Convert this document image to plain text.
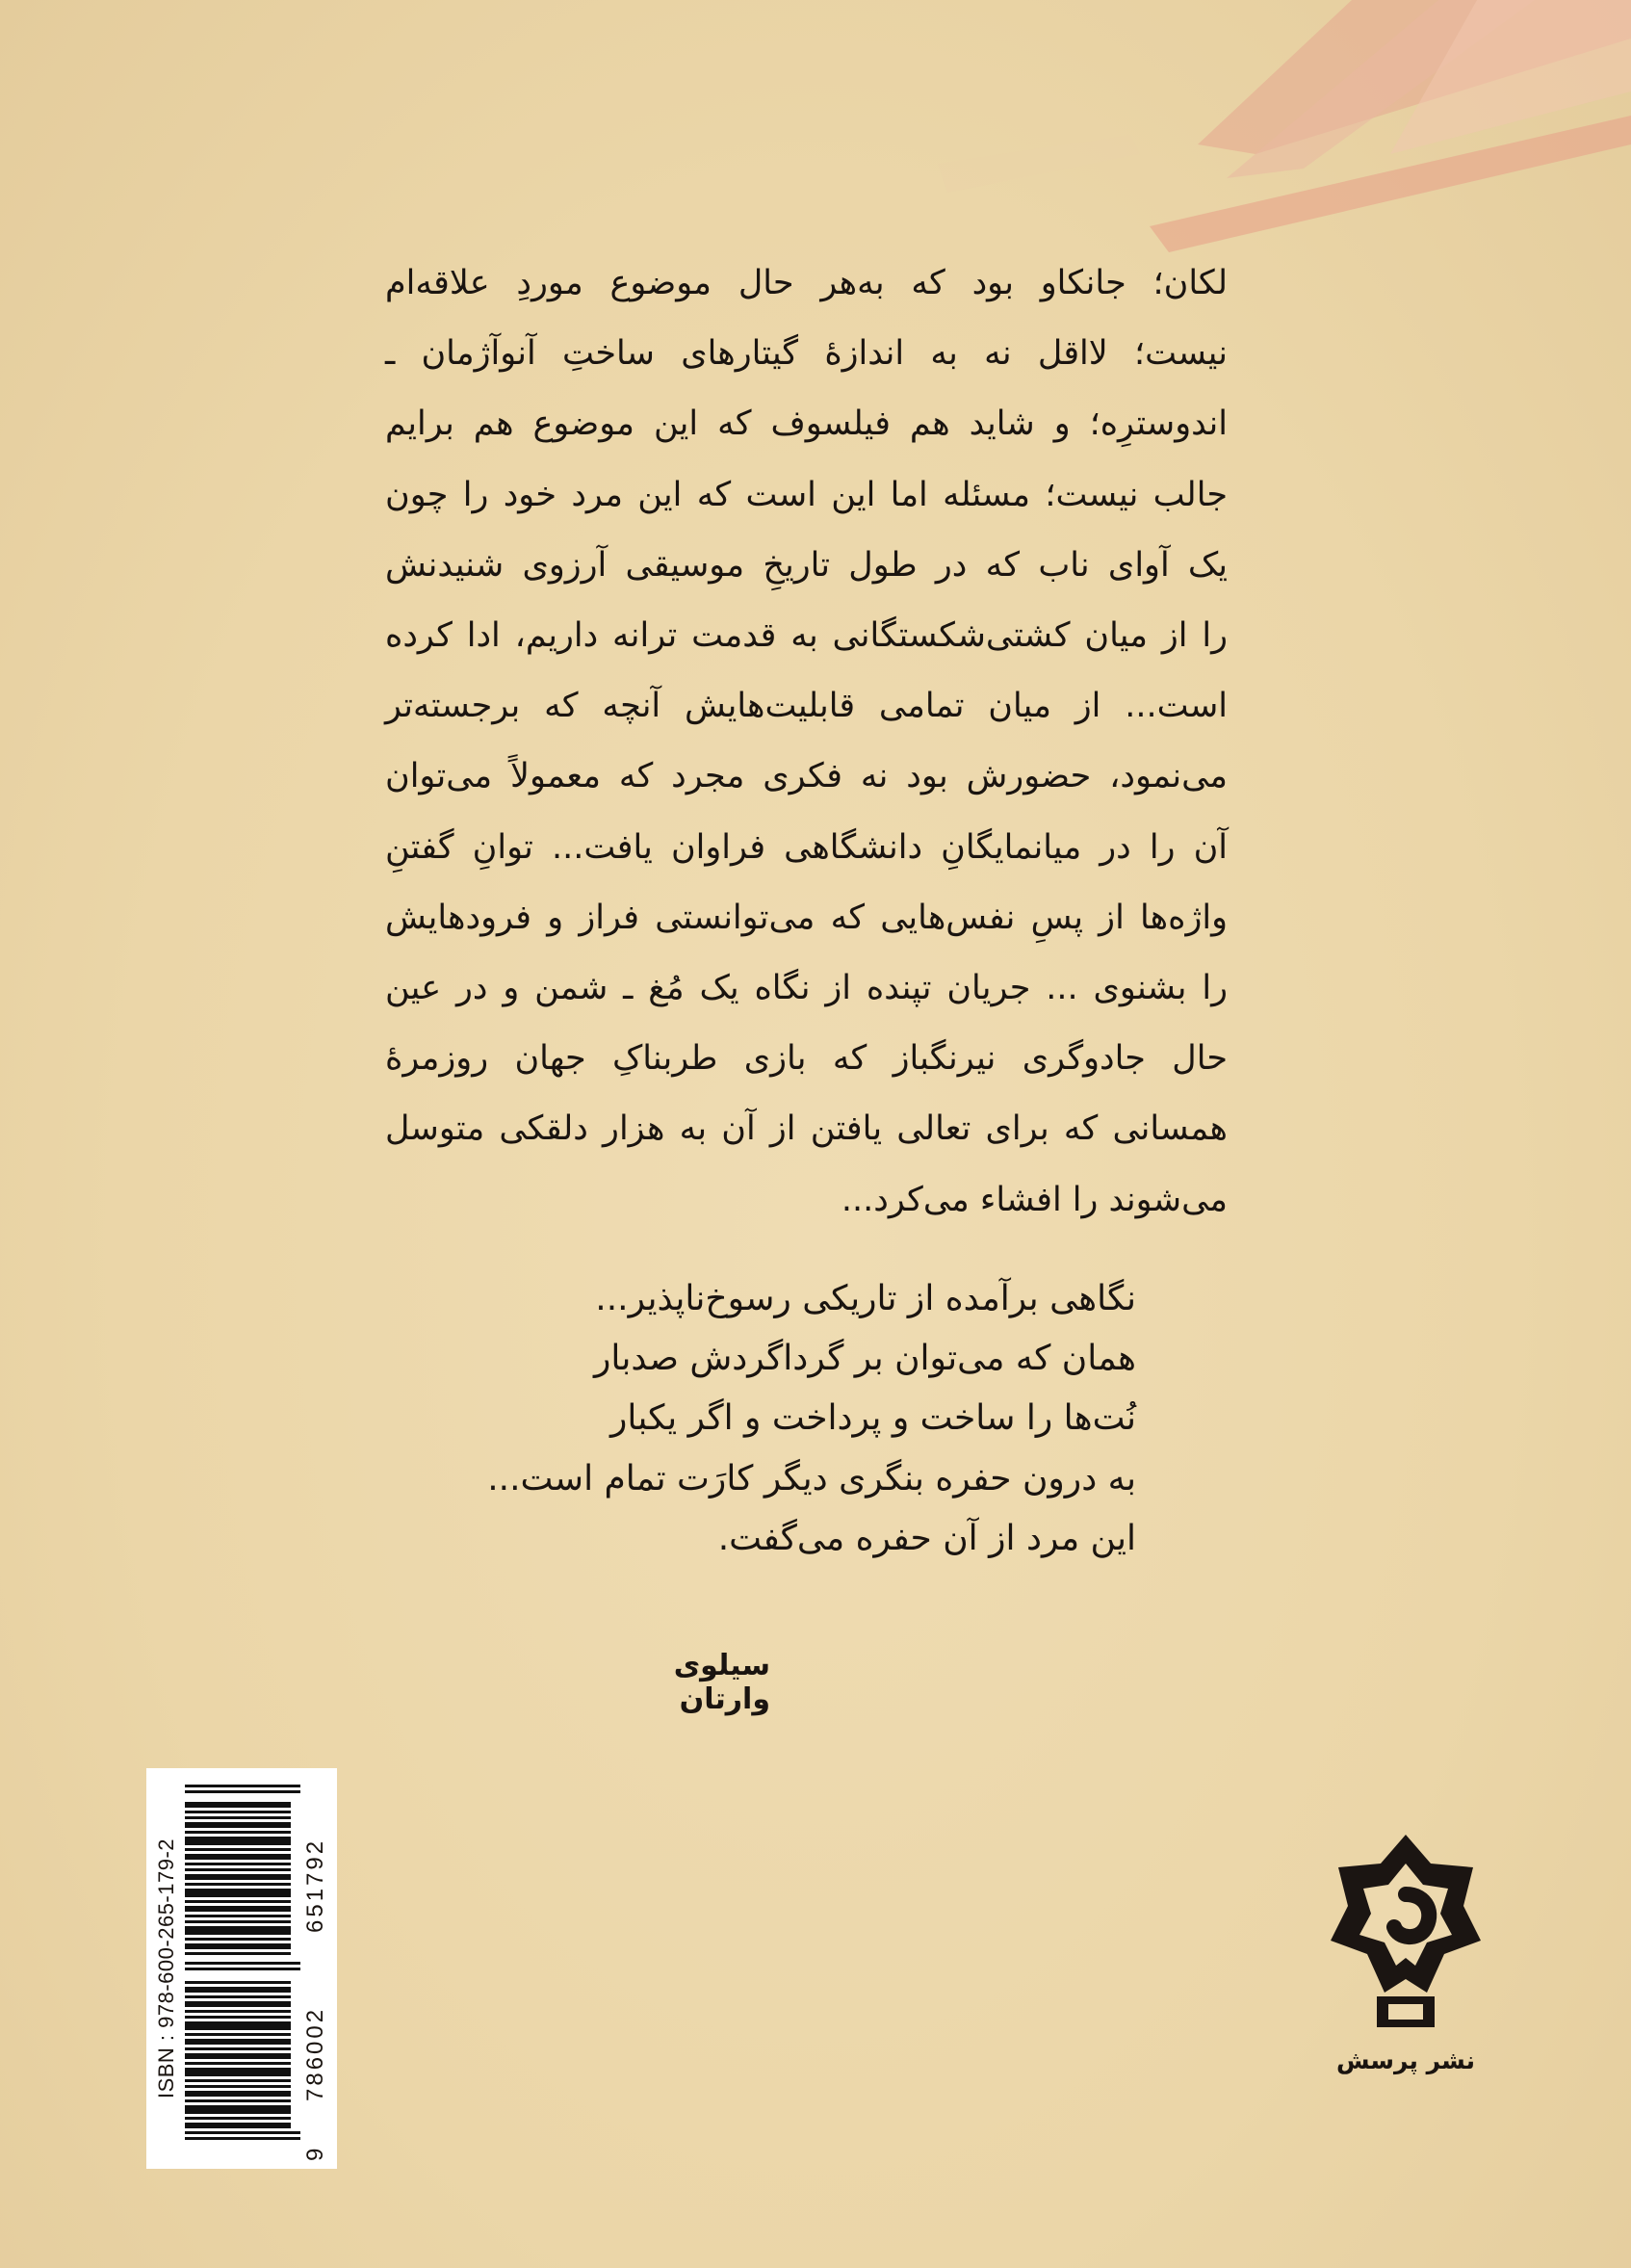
لکان؛ جانکاو بود که به‌هر حال موضوع موردِ علاقه‌ام
نیست؛ لااقل نه به اندازهٔ گیتارهای ساختِ آنوآژمان ـ
اندوسترِه؛ و شاید هم فیلسوف که این موضوع هم برایم
جالب نیست؛ مسئله اما این است که این مرد خود را چون
یک آوای ناب که در طول تاریخِ موسیقی آرزوی شنیدنش
را از میان کشتی‌شکستگانی به قدمت ترانه داریم، ادا کرده
است... از میان تمامی قابلیت‌هایش آنچه که برجسته‌تر
می‌نمود، حضورش بود نه فکری مجرد که معمولاً می‌توان
آن را در میانمایگانِ دانشگاهی فراوان یافت... توانِ گفتنِ
واژه‌ها از پسِ نفس‌هایی که می‌توانستی فراز و فرودهایش
را بشنوی ... جریان تپنده از نگاه یک مُغ ـ شمن و در عین
حال جادوگری نیرنگباز که بازی طربناکِ جهان روزمرهٔ
همسانی که برای تعالی یافتن از آن به هزار دلقکی متوسل
می‌شوند را افشاء می‌کرد...
نگاهی برآمده از تاریکی رسوخ‌ناپذیر...
همان که می‌توان بر گرداگردش صدبار
نُت‌ها را ساخت و پرداخت و اگر یکبار
به درون حفره بنگری دیگر کارَت تمام است...
این مرد از آن حفره می‌گفت.
سیلوی وارتان
ISBN : 978-600-265-179-2
9
786002
651792
نشر پرسش
